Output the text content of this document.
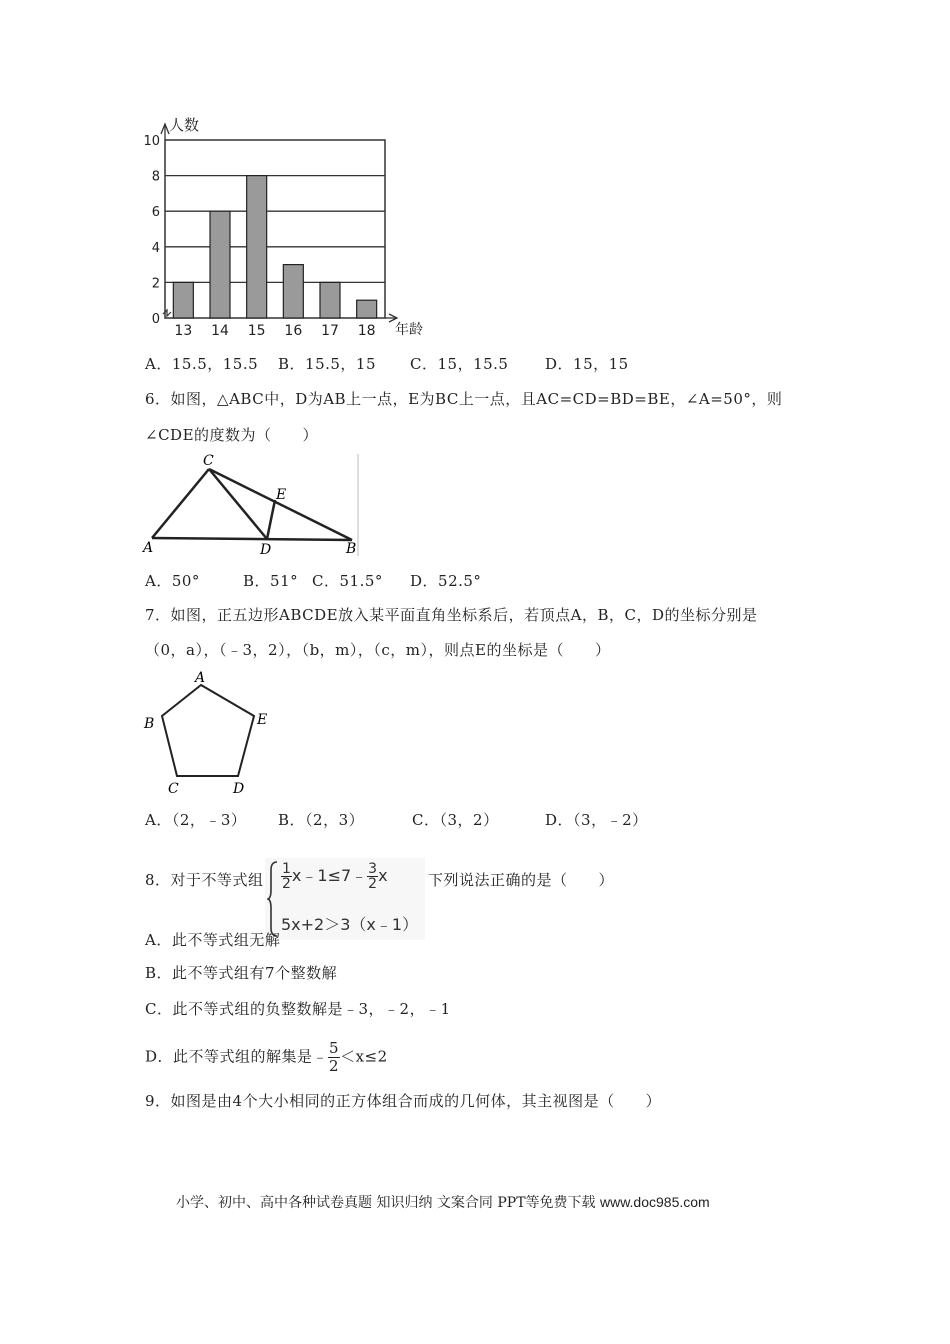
0
2
4
6
8
10
人数
年龄
13 14 15 16 17 18
A．15.5，15.5 B．15.5，15 C．15，15.5 D．15，15
6．如图，△ABC中，D为AB上一点，E为BC上一点，且AC=CD=BD=BE，∠A=50°，则
∠CDE的度数为（　　）
C
E
A	D	B
A．50°	B．51° C．51.5° D．52.5°
7．如图，正五边形ABCDE放入某平面直角坐标系后，若顶点A，B，C，D的坐标分别是
（0，a），（﹣3，2），（b，m），（c，m），则点E的坐标是（　　）
A
B	E
C	D
A．（2，﹣3） B．（2，3）	C．（3，2）	D．（3，﹣2）
8．对于不等式组 $\frac{1}{2}$ x﹣1≤7﹣ $\frac{3}{2}$ x
5x+2＞3（x﹣1）
下列说法正确的是（　　）
A．此不等式组无解
B．此不等式组有7个整数解
C．此不等式组的负整数解是﹣3，﹣2，﹣1
D．此不等式组的解集是﹣ $\frac{5}{2} <x\le 2$
9．如图是由4个大小相同的正方体组合而成的几何体，其主视图是（　　）
小学、初中、高中各种试卷真题 知识归纳 文案合同 PPT等免费下载 www.doc985.com
